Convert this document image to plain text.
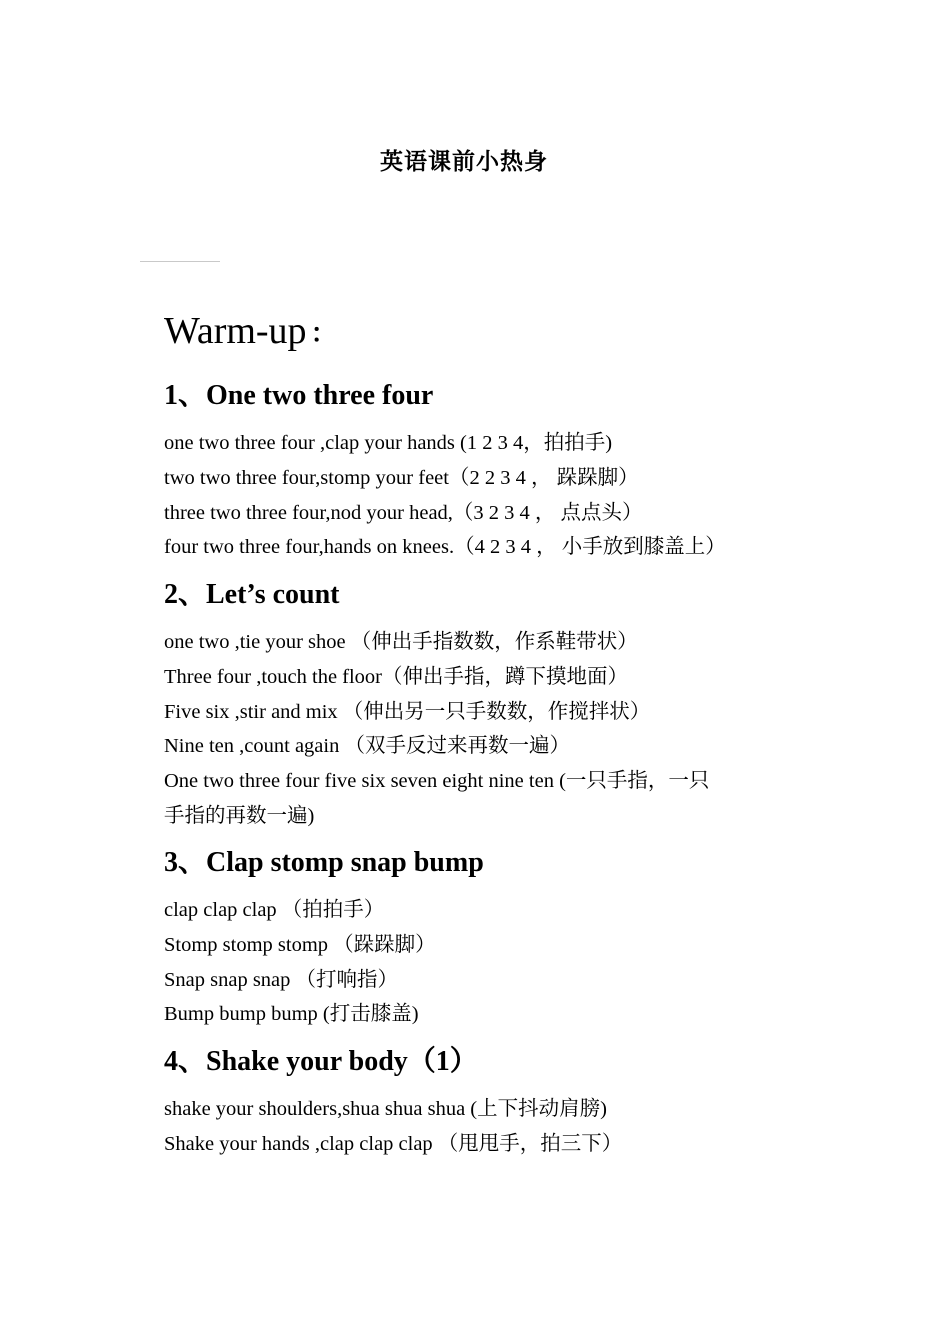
英语课前小热身
Warm-up ：
1、One two three four
one two three four ,clap your hands (1 2 3 4，拍拍手)
two two three four,stomp your feet（2 2 3 4 ， 跺跺脚）
three two three four,nod your head,（3 2 3 4 ， 点点头）
four two three four,hands on knees.（4 2 3 4 ， 小手放到膝盖上）
2、Let’s count
one two ,tie your shoe （伸出手指数数，作系鞋带状）
Three four ,touch the floor（伸出手指，蹲下摸地面）
Five six ,stir and mix （伸出另一只手数数，作搅拌状）
Nine ten ,count again （双手反过来再数一遍）
One two three four five six seven eight nine ten (一只手指，一只
手指的再数一遍)
3、Clap stomp snap bump
clap clap clap （拍拍手）
Stomp stomp stomp （跺跺脚）
Snap snap snap （打响指）
Bump bump bump (打击膝盖)
4、Shake your body（1）
shake your shoulders,shua shua shua (上下抖动肩膀)
Shake your hands ,clap clap clap （甩甩手，拍三下）
